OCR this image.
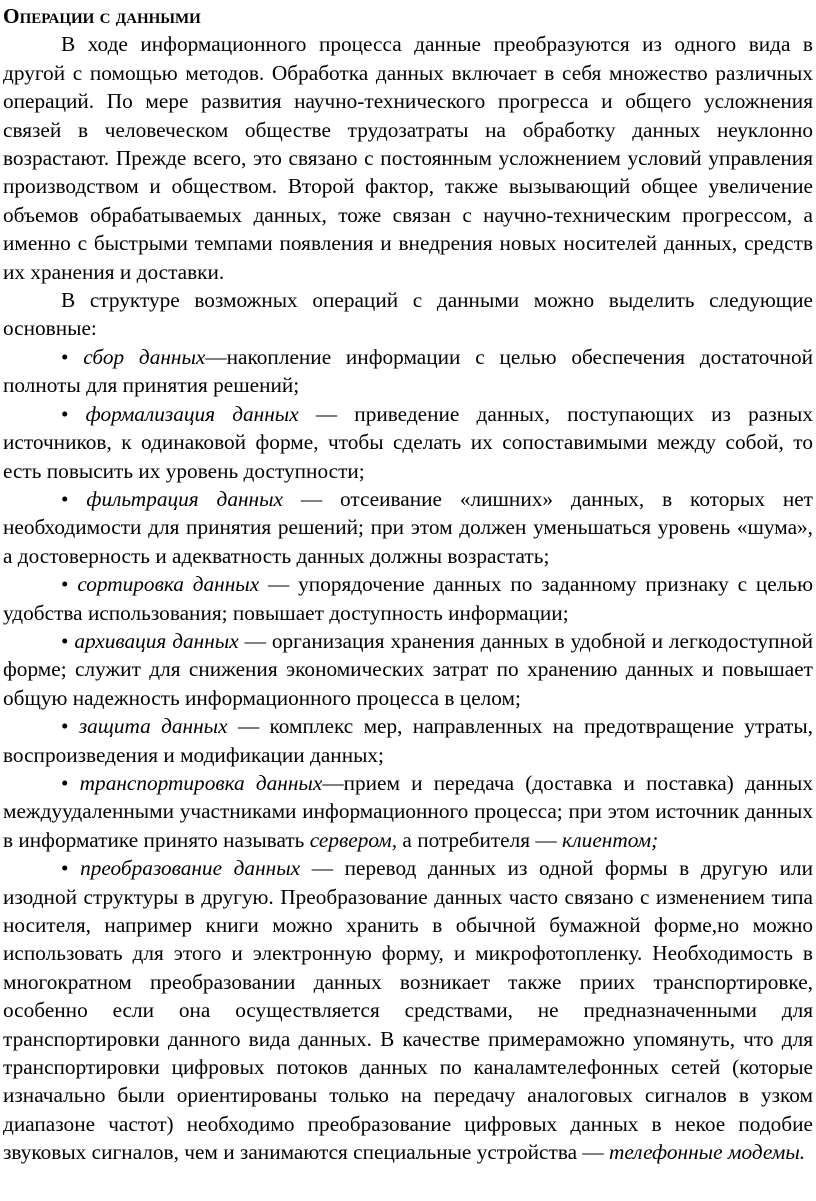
Операции с данными

В ходе информационного процесса данные преобразуются из одного вида в другой с помощью методов. Обработка данных включает в себя множество различных операций. По мере развития научно-технического прогресса и общего усложнения связей в человеческом обществе трудозатраты на обработку данных неуклонно возрастают. Прежде всего, это связано с постоянным усложнением условий управления производством и обществом. Второй фактор, также вызывающий общее увеличение объемов обрабатываемых данных, тоже связан с научно-техническим прогрессом, а именно с быстрыми темпами появления и внедрения новых носителей данных, средств их хранения и доставки.

В структуре возможных операций с данными можно выделить следующие основные:

• сбор данных—накопление информации с целью обеспечения достаточной полноты для принятия решений;

• формализация данных — приведение данных, поступающих из разных источников, к одинаковой форме, чтобы сделать их сопоставимыми между собой, то есть повысить их уровень доступности;

• фильтрация данных — отсеивание «лишних» данных, в которых нет необходимости для принятия решений; при этом должен уменьшаться уровень «шума», а достоверность и адекватность данных должны возрастать;

• сортировка данных — упорядочение данных по заданному признаку с целью удобства использования; повышает доступность информации;

• архивация данных — организация хранения данных в удобной и легкодоступной форме; служит для снижения экономических затрат по хранению данных и повышает общую надежность информационного процесса в целом;

• защита данных — комплекс мер, направленных на предотвращение утраты, воспроизведения и модификации данных;

• транспортировка данных—прием и передача (доставка и поставка) данных междуудаленными участниками информационного процесса; при этом источник данных в информатике принято называть сервером, а потребителя — клиентом;

• преобразование данных — перевод данных из одной формы в другую или изодной структуры в другую. Преобразование данных часто связано с изменением типа носителя, например книги можно хранить в обычной бумажной форме,но можно использовать для этого и электронную форму, и микрофотопленку. Необходимость в многократном преобразовании данных возникает также приих транспортировке, особенно если она осуществляется средствами, не предназначенными для транспортировки данного вида данных. В качестве примераможно упомянуть, что для транспортировки цифровых потоков данных по каналамтелефонных сетей (которые изначально были ориентированы только на передачу аналоговых сигналов в узком диапазоне частот) необходимо преобразование цифровых данных в некое подобие звуковых сигналов, чем и занимаются специальные устройства — телефонные модемы.
